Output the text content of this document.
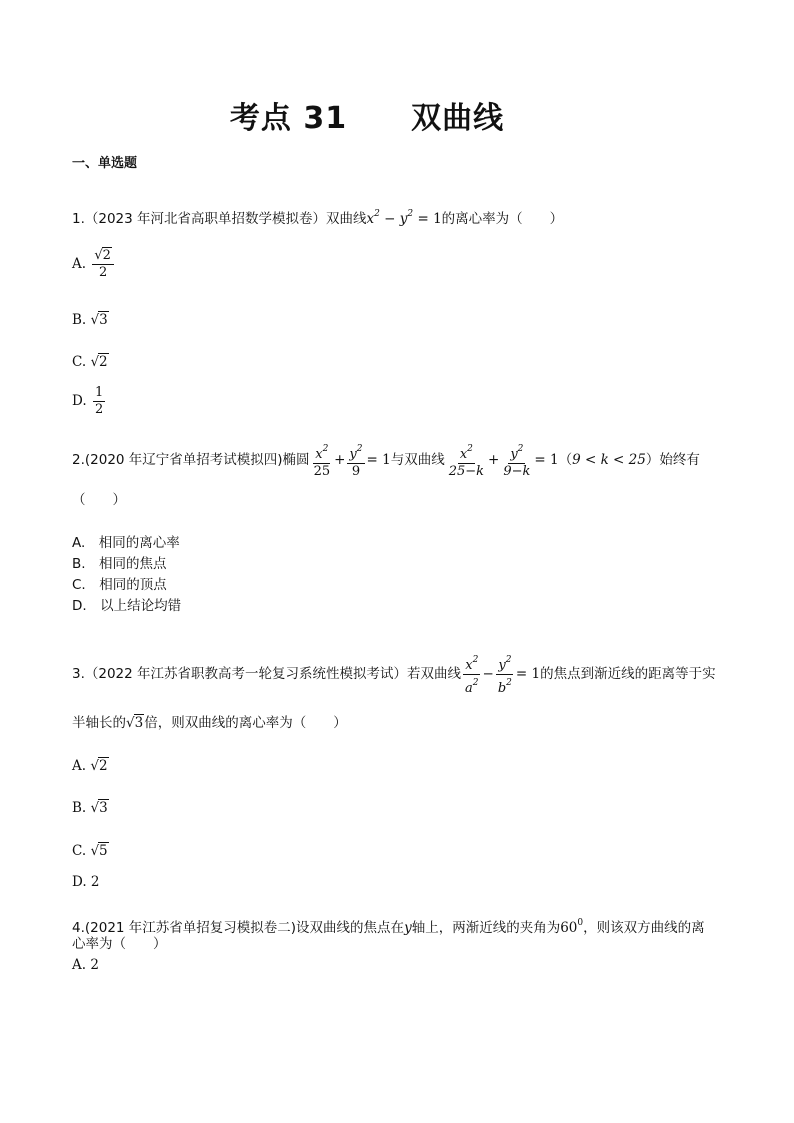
考点 31 双曲线
一、单选题
1.（2023 年河北省高职单招数学模拟卷）双曲线$x^2 - y^2 = 1$的离心率为（　　）
A. $\frac{√2}{2}$
B. √3
C. √2
D. $\frac{1}{2}$
2.(2020 年辽宁省单招考试模拟四)椭圆 $\frac{x^2}{25} + \frac{y^2}{9} = 1$与双曲线 $\frac{x^2}{25-k} + \frac{y^2}{9-k} = 1(9 < k < 25)$始终有
（　　）
A.　相同的离心率
B.　相同的焦点
C.　相同的顶点
D.　以上结论均错
3.（2022 年江苏省职教高考一轮复习系统性模拟考试）若双曲线 $\frac{x^2}{a^2} - \frac{y^2}{b^2} = 1$的焦点到渐近线的距离等于实
半轴长的√3倍，则双曲线的离心率为（　　）
A. √2
B. √3
C. √5
D. 2
4.(2021 年江苏省单招复习模拟卷二)设双曲线的焦点在y轴上，两渐近线的夹角为$60^0$，则该双方曲线的离
心率为（　　）
A. 2
